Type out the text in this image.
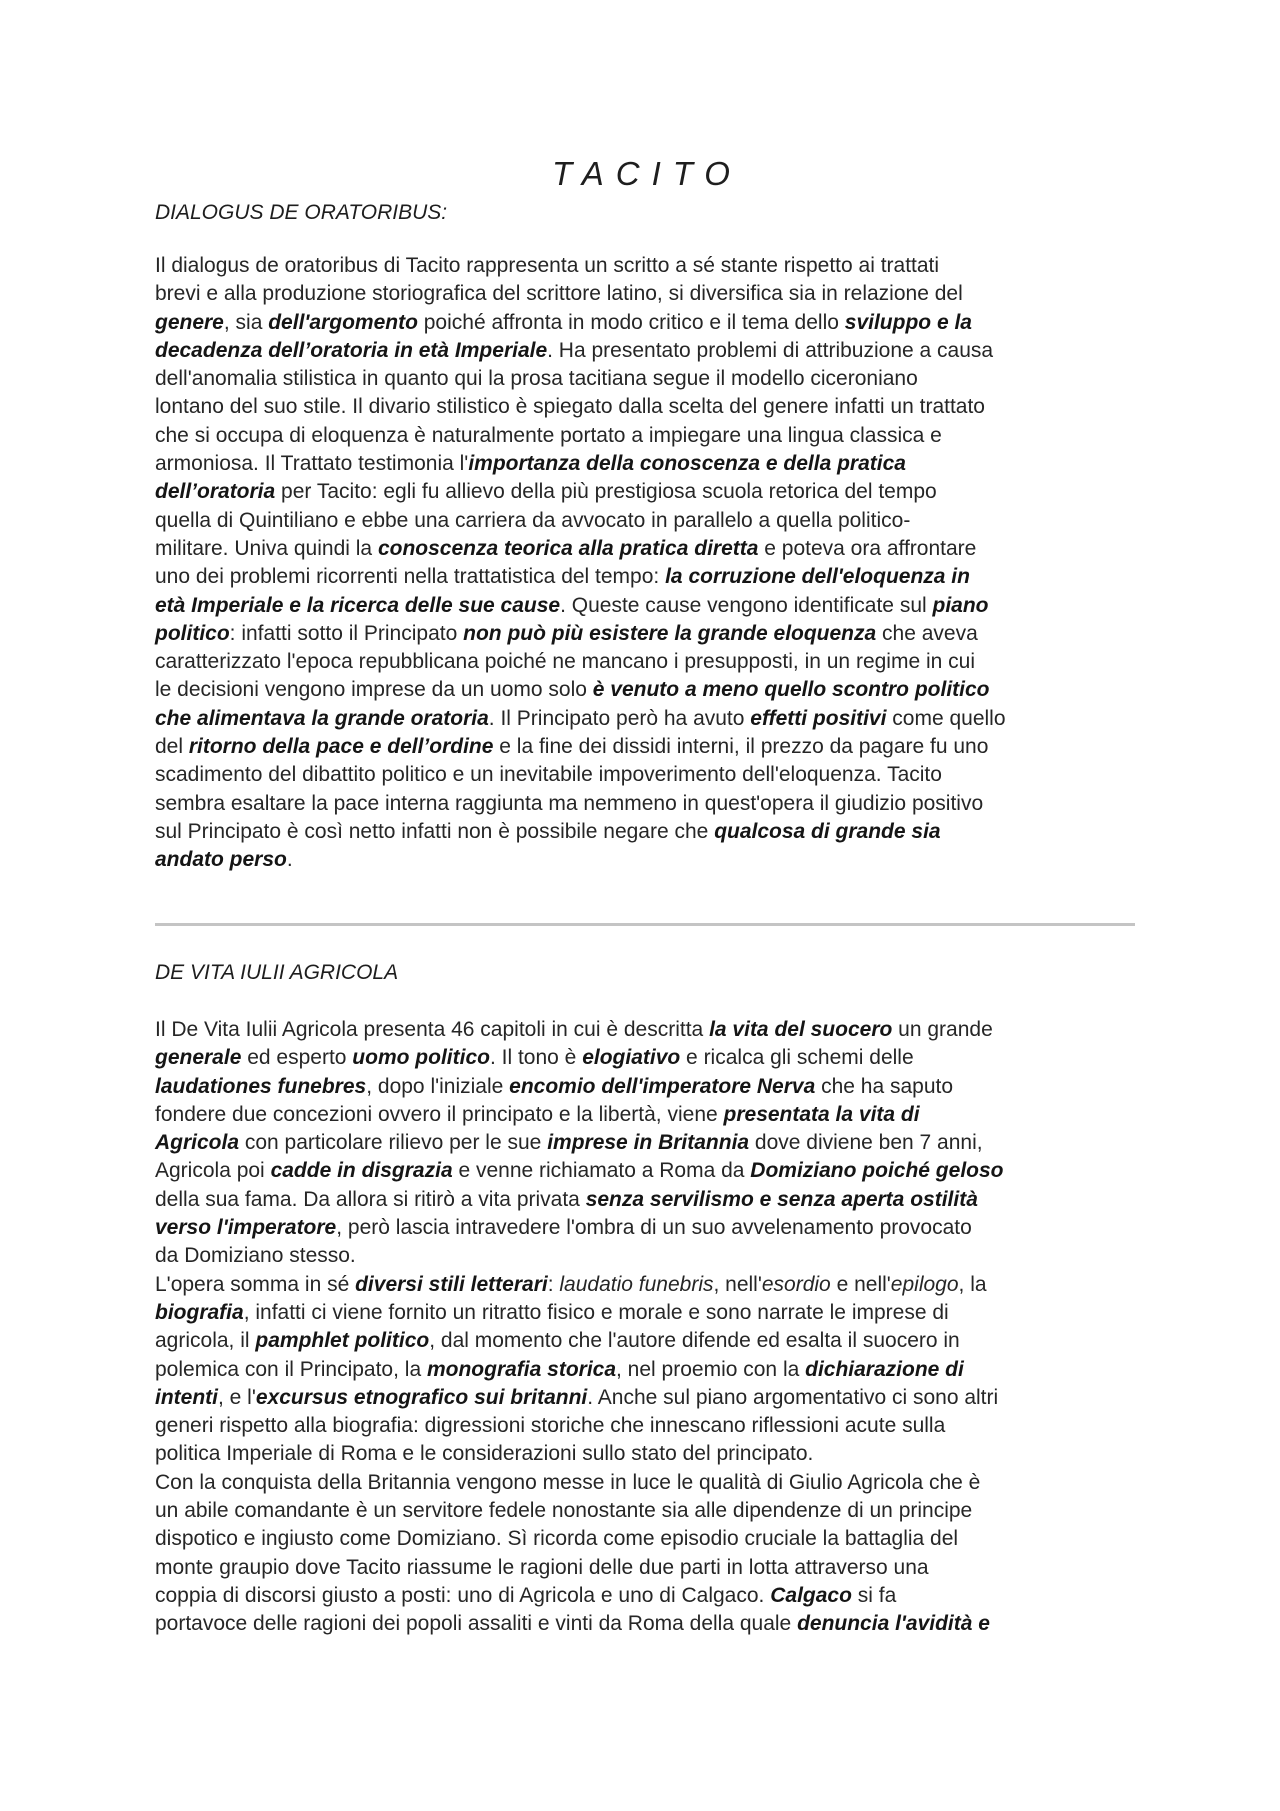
TACITO
DIALOGUS DE ORATORIBUS:
Il dialogus de oratoribus di Tacito rappresenta un scritto a sé stante rispetto ai trattati
brevi e alla produzione storiografica del scrittore latino, si diversifica sia in relazione del
genere, sia dell'argomento poiché affronta in modo critico e il tema dello sviluppo e la
decadenza dell’oratoria in età Imperiale. Ha presentato problemi di attribuzione a causa
dell'anomalia stilistica in quanto qui la prosa tacitiana segue il modello ciceroniano
lontano del suo stile. Il divario stilistico è spiegato dalla scelta del genere infatti un trattato
che si occupa di eloquenza è naturalmente portato a impiegare una lingua classica e
armoniosa. Il Trattato testimonia l'importanza della conoscenza e della pratica
dell’oratoria per Tacito: egli fu allievo della più prestigiosa scuola retorica del tempo
quella di Quintiliano e ebbe una carriera da avvocato in parallelo a quella politico-
militare. Univa quindi la conoscenza teorica alla pratica diretta e poteva ora affrontare
uno dei problemi ricorrenti nella trattatistica del tempo: la corruzione dell'eloquenza in
età Imperiale e la ricerca delle sue cause. Queste cause vengono identificate sul piano
politico: infatti sotto il Principato non può più esistere la grande eloquenza che aveva
caratterizzato l'epoca repubblicana poiché ne mancano i presupposti, in un regime in cui
le decisioni vengono imprese da un uomo solo è venuto a meno quello scontro politico
che alimentava la grande oratoria. Il Principato però ha avuto effetti positivi come quello
del ritorno della pace e dell’ordine e la fine dei dissidi interni, il prezzo da pagare fu uno
scadimento del dibattito politico e un inevitabile impoverimento dell'eloquenza. Tacito
sembra esaltare la pace interna raggiunta ma nemmeno in quest'opera il giudizio positivo
sul Principato è così netto infatti non è possibile negare che qualcosa di grande sia
andato perso.
DE VITA IULII AGRICOLA
Il De Vita Iulii Agricola presenta 46 capitoli in cui è descritta la vita del suocero un grande
generale ed esperto uomo politico. Il tono è elogiativo e ricalca gli schemi delle
laudationes funebres, dopo l'iniziale encomio dell'imperatore Nerva che ha saputo
fondere due concezioni ovvero il principato e la libertà, viene presentata la vita di
Agricola con particolare rilievo per le sue imprese in Britannia dove diviene ben 7 anni,
Agricola poi cadde in disgrazia e venne richiamato a Roma da Domiziano poiché geloso
della sua fama. Da allora si ritirò a vita privata senza servilismo e senza aperta ostilità
verso l'imperatore, però lascia intravedere l'ombra di un suo avvelenamento provocato
da Domiziano stesso.
L'opera somma in sé diversi stili letterari: laudatio funebris, nell'esordio e nell'epilogo, la
biografia, infatti ci viene fornito un ritratto fisico e morale e sono narrate le imprese di
agricola, il pamphlet politico, dal momento che l'autore difende ed esalta il suocero in
polemica con il Principato, la monografia storica, nel proemio con la dichiarazione di
intenti, e l'excursus etnografico sui britanni. Anche sul piano argomentativo ci sono altri
generi rispetto alla biografia: digressioni storiche che innescano riflessioni acute sulla
politica Imperiale di Roma e le considerazioni sullo stato del principato.
Con la conquista della Britannia vengono messe in luce le qualità di Giulio Agricola che è
un abile comandante è un servitore fedele nonostante sia alle dipendenze di un principe
dispotico e ingiusto come Domiziano. Sì ricorda come episodio cruciale la battaglia del
monte graupio dove Tacito riassume le ragioni delle due parti in lotta attraverso una
coppia di discorsi giusto a posti: uno di Agricola e uno di Calgaco. Calgaco si fa
portavoce delle ragioni dei popoli assaliti e vinti da Roma della quale denuncia l'avidità e
